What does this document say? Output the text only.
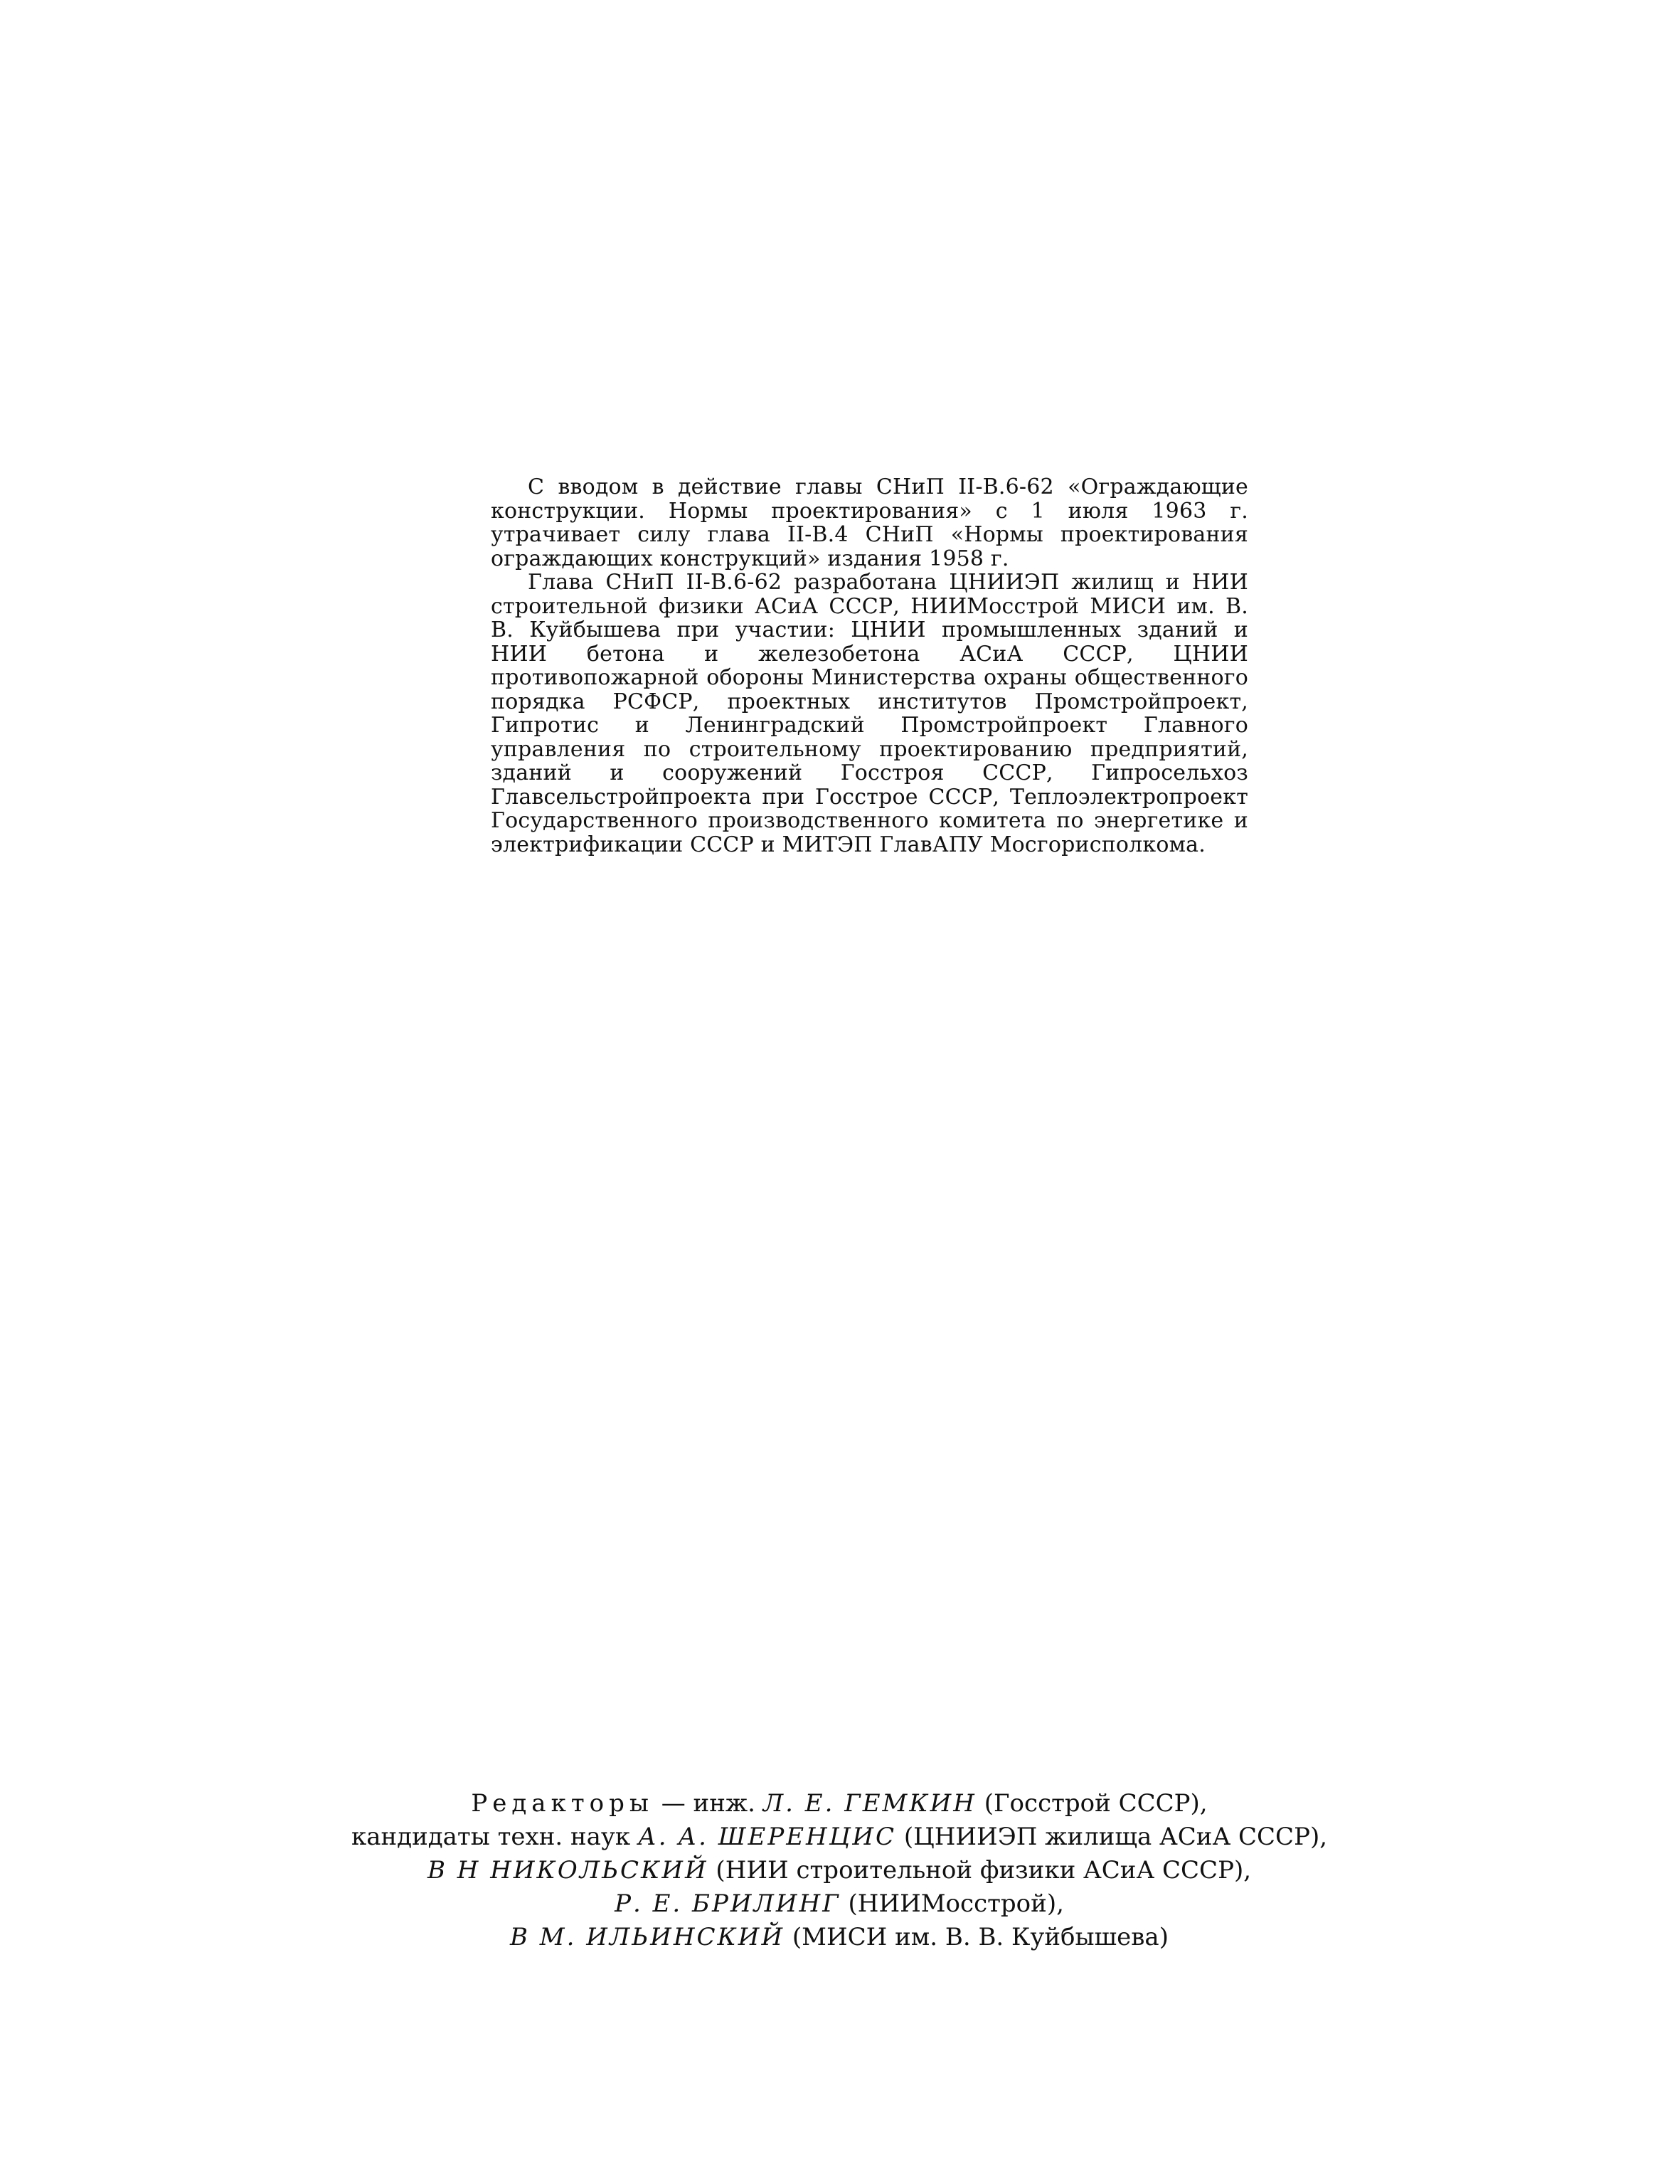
С вводом в действие главы СНиП II-В.6-62 «Ограждающие конструкции. Нормы проектирования» с 1 июля 1963 г. утрачивает силу глава II-В.4 СНиП «Нормы проектирования ограждающих конструкций» издания 1958 г.

Глава СНиП II-В.6-62 разработана ЦНИИЭП жилищ и НИИ строительной физики АСиА СССР, НИИМосстрой МИСИ им. В. В. Куйбышева при участии: ЦНИИ промышленных зданий и НИИ бетона и железобетона АСиА СССР, ЦНИИ противопожарной обороны Министерства охраны общественного порядка РСФСР, проектных институтов Промстройпроект, Гипротис и Ленинградский Промстройпроект Главного управления по строительному проектированию предприятий, зданий и сооружений Госстроя СССР, Гипросельхоз Главсельстройпроекта при Госстрое СССР, Теплоэлектропроект Государственного производственного комитета по энергетике и электрификации СССР и МИТЭП ГлавАПУ Мосгорисполкома.

Редакторы — инж. Л. Е. ГЕМКИН (Госстрой СССР),
кандидаты техн. наук А. А. ШЕРЕНЦИС (ЦНИИЭП жилища АСиА СССР),
В Н НИКОЛЬСКИЙ (НИИ строительной физики АСиА СССР),
Р. Е. БРИЛИНГ (НИИМосстрой),
В М. ИЛЬИНСКИЙ (МИСИ им. В. В. Куйбышева)
